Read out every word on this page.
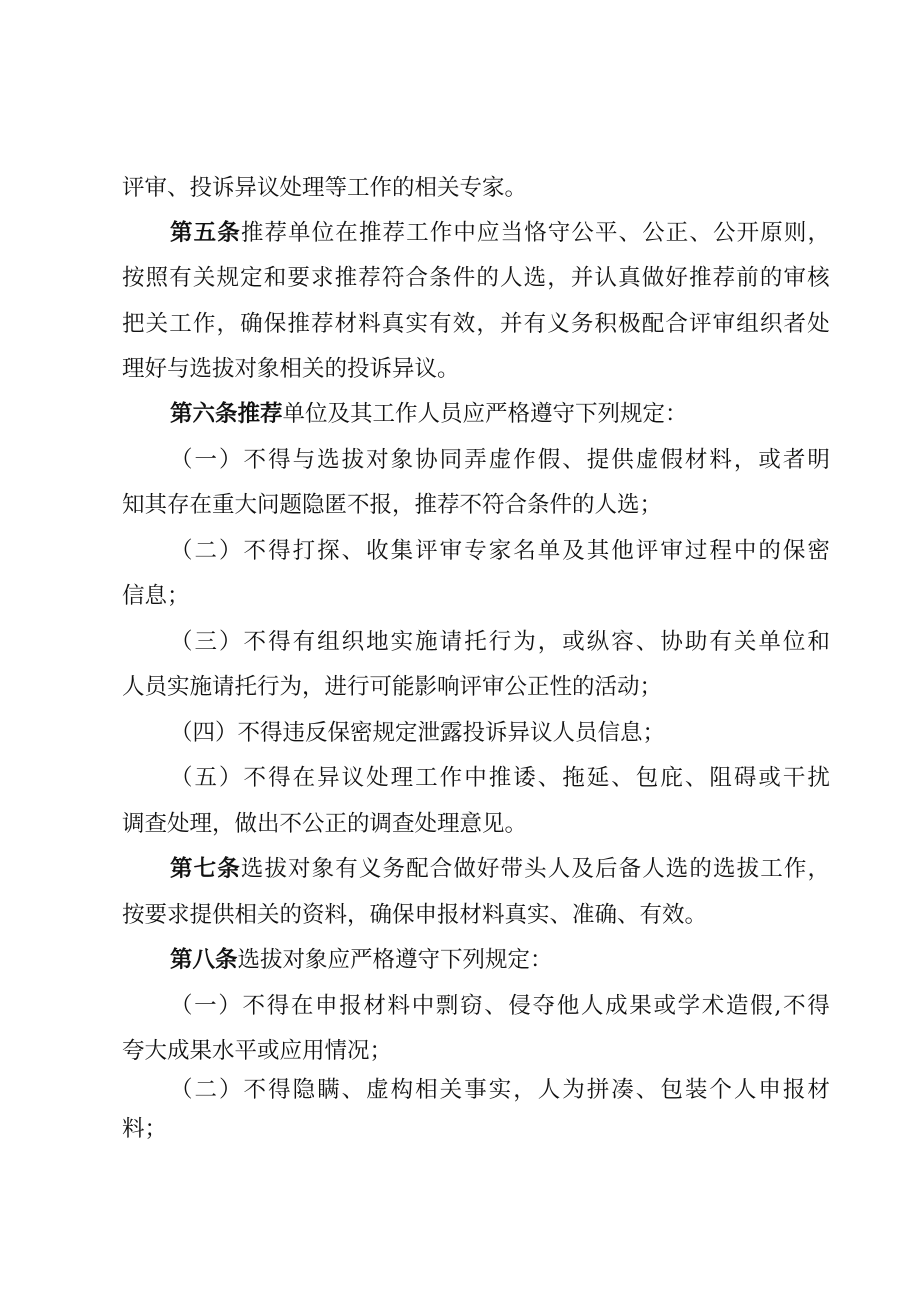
评审、投诉异议处理等工作的相关专家。
第 五 条 推 荐 单 位 在 推 荐 工 作 中 应 当 恪 守 公 平 、 公 正 、 公 开 原 则 ，
按 照 有 关 规 定 和 要 求 推 荐 符 合 条 件 的 人 选 ， 并 认 真 做 好 推 荐 前 的 审 核
把 关 工 作 ， 确 保 推 荐 材 料 真 实 有 效 ， 并 有 义 务 积 极 配 合 评 审 组 织 者 处
理好与选拔对象相关的投诉异议。
第六条推荐单位及其工作人员应严格遵守下列规定：
（ 一 ） 不 得 与 选 拔 对 象 协 同 弄 虚 作 假 、 提 供 虚 假 材 料 ， 或 者 明
知其存在重大问题隐匿不报，推荐不符合条件的人选；
（ 二 ） 不 得 打 探 、 收 集 评 审 专 家 名 单 及 其 他 评 审 过 程 中 的 保 密
信息；
（ 三 ） 不 得 有 组 织 地 实 施 请 托 行 为 ， 或 纵 容 、 协 助 有 关 单 位 和
人员实施请托行为，进行可能影响评审公正性的活动；
（四）不得违反保密规定泄露投诉异议人员信息；
（ 五 ） 不 得 在 异 议 处 理 工 作 中 推 诿 、 拖 延 、 包 庇 、 阻 碍 或 干 扰
调查处理，做出不公正的调查处理意见。
第 七 条 选 拔 对 象 有 义 务 配 合 做 好 带 头 人 及 后 备 人 选 的 选 拔 工 作 ，
按要求提供相关的资料，确保申报材料真实、准确、有效。
第八条选拔对象应严格遵守下列规定：
（ 一 ） 不 得 在 申 报 材 料 中 剽 窃 、 侵 夺 他 人 成 果 或 学 术 造 假 , 不 得
夸大成果水平或应用情况；
（ 二 ） 不 得 隐 瞒 、 虚 构 相 关 事 实 ， 人 为 拼 凑 、 包 装 个 人 申 报 材
料；
